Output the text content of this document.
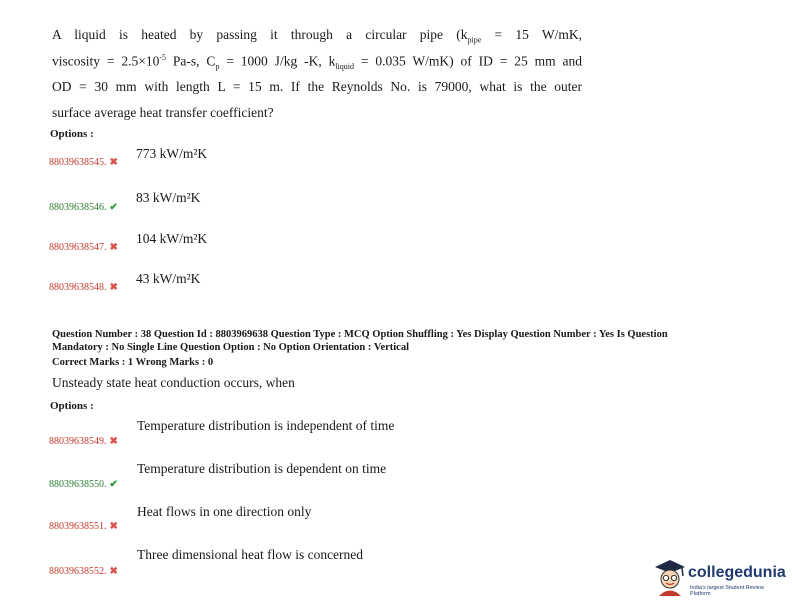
A liquid is heated by passing it through a circular pipe ($k_{pipe} = 15$ W/mK,
viscosity = $2.5\times 10^{-5}$ Pa-s, $C_p = 1000$ J/kg -K, $k_{liquid} = 0.035$ W/mK) of ID = 25 mm and
OD = 30 mm with length L = 15 m. If the Reynolds No. is 79000, what is the outer
surface average heat transfer coefficient?
Options :
88039638545. ✖
773 kW/m²K
88039638546. ✔
83 kW/m²K
88039638547. ✖
104 kW/m²K
88039638548. ✖
43 kW/m²K
Question Number : 38 Question Id : 8803969638 Question Type : MCQ Option Shuffling : Yes Display Question Number : Yes Is Question
Mandatory : No Single Line Question Option : No Option Orientation : Vertical
Correct Marks : 1 Wrong Marks : 0
Unsteady state heat conduction occurs, when
Options :
88039638549. ✖
Temperature distribution is independent of time
88039638550. ✔
Temperature distribution is dependent on time
88039638551. ✖
Heat flows in one direction only
88039638552. ✖
Three dimensional heat flow is concerned
collegedunia
India's largest Student Review Platform
